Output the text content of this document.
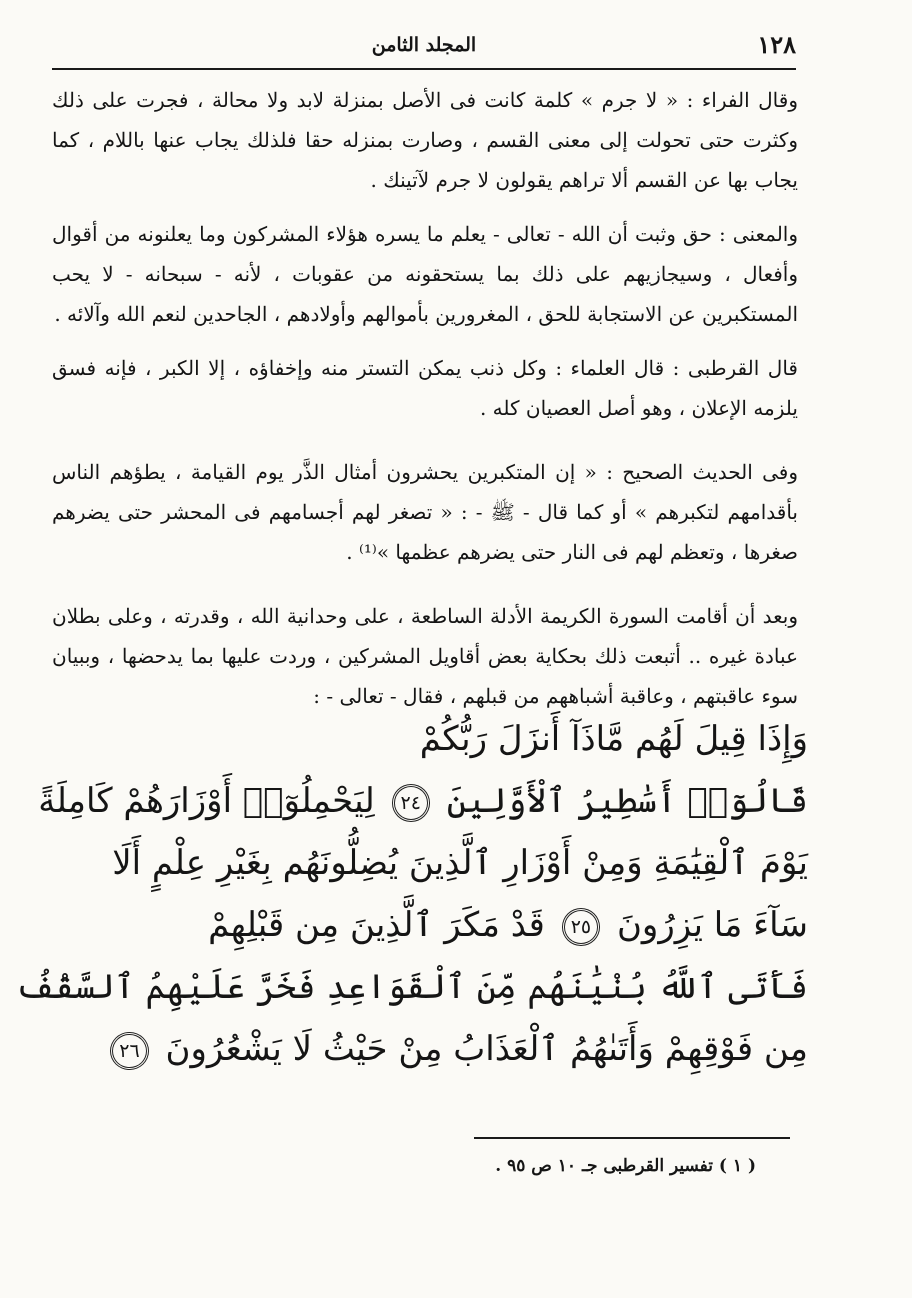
١٢٨
المجلد الثامن

وقال الفراء : « لا جرم » كلمة كانت فى الأصل بمنزلة لابد ولا محالة ، فجرت على ذلك وكثرت حتى تحولت إلى معنى القسم ، وصارت بمنزله حقا فلذلك يجاب عنها باللام ، كما يجاب بها عن القسم ألا تراهم يقولون لا جرم لآتينك .

والمعنى : حق وثبت أن الله - تعالى - يعلم ما يسره هؤلاء المشركون وما يعلنونه من أقوال وأفعال ، وسيجازيهم على ذلك بما يستحقونه من عقوبات ، لأنه - سبحانه - لا يحب المستكبرين عن الاستجابة للحق ، المغرورين بأموالهم وأولادهم ، الجاحدين لنعم الله وآلائه .

قال القرطبى : قال العلماء : وكل ذنب يمكن التستر منه وإخفاؤه ، إلا الكبر ، فإنه فسق يلزمه الإعلان ، وهو أصل العصيان كله .

وفى الحديث الصحيح : « إن المتكبرين يحشرون أمثال الذَّر يوم القيامة ، يطؤهم الناس بأقدامهم لتكبرهم » أو كما قال - ﷺ - : « تصغر لهم أجسامهم فى المحشر حتى يضرهم صغرها ، وتعظم لهم فى النار حتى يضرهم عظمها »⁽¹⁾ .

وبعد أن أقامت السورة الكريمة الأدلة الساطعة ، على وحدانية الله ، وقدرته ، وعلى بطلان عبادة غيره .. أتبعت ذلك بحكاية بعض أقاويل المشركين ، وردت عليها بما يدحضها ، وببيان سوء عاقبتهم ، وعاقبة أشباههم من قبلهم ، فقال - تعالى - :

وَإِذَا قِيلَ لَهُم مَّاذَآ أَنزَلَ رَبُّكُمْ
قَالُوٓا۟ أَسَٰطِيرُ ٱلْأَوَّلِينَ ٢٤ لِيَحْمِلُوٓا۟ أَوْزَارَهُمْ كَامِلَةً
يَوْمَ ٱلْقِيَٰمَةِ وَمِنْ أَوْزَارِ ٱلَّذِينَ يُضِلُّونَهُم بِغَيْرِ عِلْمٍ أَلَا
سَآءَ مَا يَزِرُونَ ٢٥ قَدْ مَكَرَ ٱلَّذِينَ مِن قَبْلِهِمْ
فَأَتَى ٱللَّهُ بُنْيَٰنَهُم مِّنَ ٱلْقَوَاعِدِ فَخَرَّ عَلَيْهِمُ ٱلسَّقْفُ
مِن فَوْقِهِمْ وَأَتَىٰهُمُ ٱلْعَذَابُ مِنْ حَيْثُ لَا يَشْعُرُونَ ٢٦
( ١ ) تفسير القرطبى جـ ١٠ ص ٩٥ .
